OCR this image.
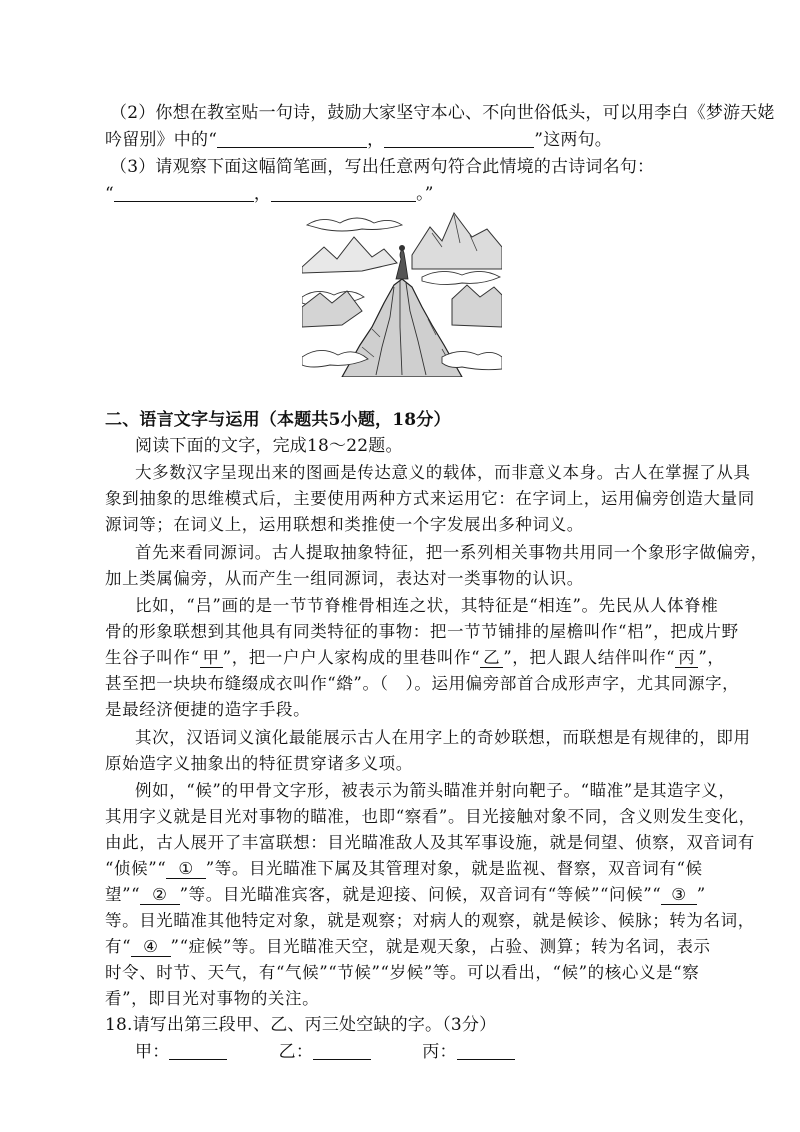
（2）你想在教室贴一句诗，鼓励大家坚守本心、不向世俗低头，可以用李白《梦游天姥
吟留别》中的“	，	”这两句。
（3）请观察下面这幅简笔画，写出任意两句符合此情境的古诗词名句：
“	，	。”
二、语言文字与运用（本题共5小题，18分）
阅读下面的文字，完成18～22题。
大多数汉字呈现出来的图画是传达意义的载体，而非意义本身。古人在掌握了从具
象到抽象的思维模式后，主要使用两种方式来运用它：在字词上，运用偏旁创造大量同
源词等；在词义上，运用联想和类推使一个字发展出多种词义。
首先来看同源词。古人提取抽象特征，把一系列相关事物共用同一个象形字做偏旁，
加上类属偏旁，从而产生一组同源词，表达对一类事物的认识。
比如，“吕”画的是一节节脊椎骨相连之状，其特征是“相连”。先民从人体脊椎
骨的形象联想到其他具有同类特征的事物：把一节节铺排的屋檐叫作“梠”，把成片野
生谷子叫作“ 甲 ”，把一户户人家构成的里巷叫作“ 乙 ”，把人跟人结伴叫作“ 丙 ”，
甚至把一块块布缝缀成衣叫作“綹”。（　）。运用偏旁部首合成形声字，尤其同源字，
是最经济便捷的造字手段。
其次，汉语词义演化最能展示古人在用字上的奇妙联想，而联想是有规律的，即用
原始造字义抽象出的特征贯穿诸多义项。
例如，“候”的甲骨文字形，被表示为箭头瞄准并射向靶子。“瞄准”是其造字义，
其用字义就是目光对事物的瞄准，也即“察看”。目光接触对象不同，含义则发生变化，
由此，古人展开了丰富联想：目光瞄准敌人及其军事设施，就是伺望、侦察，双音词有
“侦候”“ ① ”等。目光瞄准下属及其管理对象，就是监视、督察，双音词有“候
望”“ ② ”等。目光瞄准宾客，就是迎接、问候，双音词有“等候”“问候”“ ③ ”
等。目光瞄准其他特定对象，就是观察；对病人的观察，就是候诊、候脉；转为名词，
有“ ④ ”“症候”等。目光瞄准天空，就是观天象，占验、测算；转为名词，表示
时令、时节、天气，有“气候”“节候”“岁候”等。可以看出，“候”的核心义是“察
看”，即目光对事物的关注。
18.请写出第三段甲、乙、丙三处空缺的字。（3分）
甲：	乙：	丙：
